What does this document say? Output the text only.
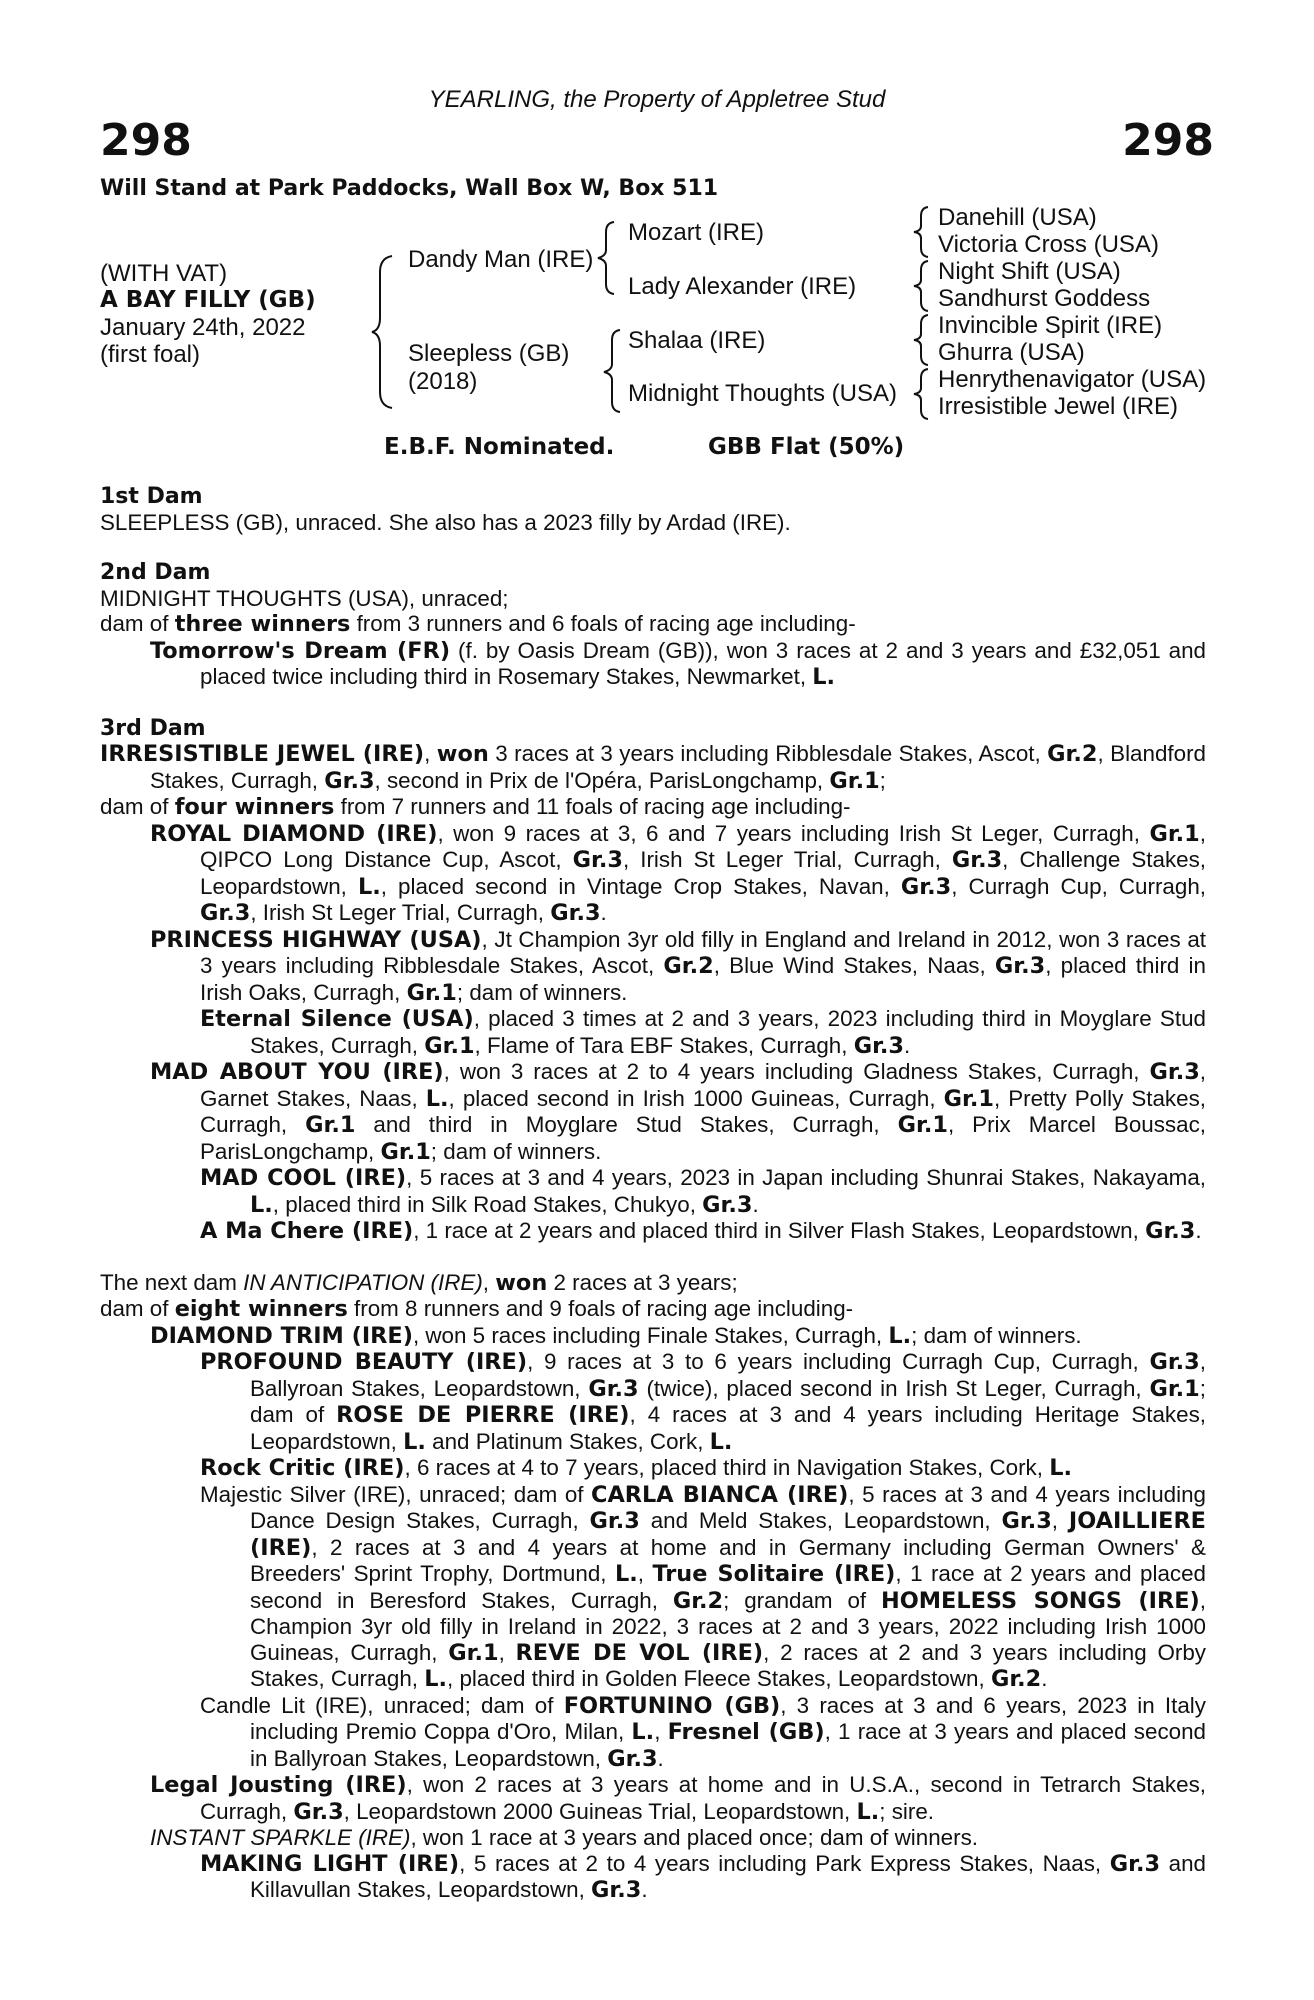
YEARLING, the Property of Appletree Stud
298	298
Will Stand at Park Paddocks, Wall Box W, Box 511
(WITH VAT)
A BAY FILLY (GB)
January 24th, 2022
(first foal)
Dandy Man (IRE)
Sleepless (GB)
(2018)
Mozart (IRE)
Lady Alexander (IRE)
Shalaa (IRE)
Midnight Thoughts (USA)
Danehill (USA)
Victoria Cross (USA)
Night Shift (USA)
Sandhurst Goddess
Invincible Spirit (IRE)
Ghurra (USA)
Henrythenavigator (USA)
Irresistible Jewel (IRE)
E.B.F. Nominated.	GBB Flat (50%)
1st Dam

SLEEPLESS (GB), unraced. She also has a 2023 filly by Ardad (IRE).

2nd Dam

MIDNIGHT THOUGHTS (USA), unraced;

dam of three winners from 3 runners and 6 foals of racing age including-

Tomorrow's Dream (FR) (f. by Oasis Dream (GB)), won 3 races at 2 and 3 years and £32,051 and placed twice including third in Rosemary Stakes, Newmarket, L.

3rd Dam

IRRESISTIBLE JEWEL (IRE), won 3 races at 3 years including Ribblesdale Stakes, Ascot, Gr.2, Blandford Stakes, Curragh, Gr.3, second in Prix de l'Opéra, ParisLongchamp, Gr.1;

dam of four winners from 7 runners and 11 foals of racing age including-

ROYAL DIAMOND (IRE), won 9 races at 3, 6 and 7 years including Irish St Leger, Curragh, Gr.1, QIPCO Long Distance Cup, Ascot, Gr.3, Irish St Leger Trial, Curragh, Gr.3, Challenge Stakes, Leopardstown, L., placed second in Vintage Crop Stakes, Navan, Gr.3, Curragh Cup, Curragh, Gr.3, Irish St Leger Trial, Curragh, Gr.3.

PRINCESS HIGHWAY (USA), Jt Champion 3yr old filly in England and Ireland in 2012, won 3 races at 3 years including Ribblesdale Stakes, Ascot, Gr.2, Blue Wind Stakes, Naas, Gr.3, placed third in Irish Oaks, Curragh, Gr.1; dam of winners.

Eternal Silence (USA), placed 3 times at 2 and 3 years, 2023 including third in Moyglare Stud Stakes, Curragh, Gr.1, Flame of Tara EBF Stakes, Curragh, Gr.3.

MAD ABOUT YOU (IRE), won 3 races at 2 to 4 years including Gladness Stakes, Curragh, Gr.3, Garnet Stakes, Naas, L., placed second in Irish 1000 Guineas, Curragh, Gr.1, Pretty Polly Stakes, Curragh, Gr.1 and third in Moyglare Stud Stakes, Curragh, Gr.1, Prix Marcel Boussac, ParisLongchamp, Gr.1; dam of winners.

MAD COOL (IRE), 5 races at 3 and 4 years, 2023 in Japan including Shunrai Stakes, Nakayama, L., placed third in Silk Road Stakes, Chukyo, Gr.3.

A Ma Chere (IRE), 1 race at 2 years and placed third in Silver Flash Stakes, Leopardstown, Gr.3.

The next dam IN ANTICIPATION (IRE), won 2 races at 3 years;

dam of eight winners from 8 runners and 9 foals of racing age including-

DIAMOND TRIM (IRE), won 5 races including Finale Stakes, Curragh, L.; dam of winners.

PROFOUND BEAUTY (IRE), 9 races at 3 to 6 years including Curragh Cup, Curragh, Gr.3, Ballyroan Stakes, Leopardstown, Gr.3 (twice), placed second in Irish St Leger, Curragh, Gr.1; dam of ROSE DE PIERRE (IRE), 4 races at 3 and 4 years including Heritage Stakes, Leopardstown, L. and Platinum Stakes, Cork, L.

Rock Critic (IRE), 6 races at 4 to 7 years, placed third in Navigation Stakes, Cork, L.

Majestic Silver (IRE), unraced; dam of CARLA BIANCA (IRE), 5 races at 3 and 4 years including Dance Design Stakes, Curragh, Gr.3 and Meld Stakes, Leopardstown, Gr.3, JOAILLIERE (IRE), 2 races at 3 and 4 years at home and in Germany including German Owners' & Breeders' Sprint Trophy, Dortmund, L., True Solitaire (IRE), 1 race at 2 years and placed second in Beresford Stakes, Curragh, Gr.2; grandam of HOMELESS SONGS (IRE), Champion 3yr old filly in Ireland in 2022, 3 races at 2 and 3 years, 2022 including Irish 1000 Guineas, Curragh, Gr.1, REVE DE VOL (IRE), 2 races at 2 and 3 years including Orby Stakes, Curragh, L., placed third in Golden Fleece Stakes, Leopardstown, Gr.2.

Candle Lit (IRE), unraced; dam of FORTUNINO (GB), 3 races at 3 and 6 years, 2023 in Italy including Premio Coppa d'Oro, Milan, L., Fresnel (GB), 1 race at 3 years and placed second in Ballyroan Stakes, Leopardstown, Gr.3.

Legal Jousting (IRE), won 2 races at 3 years at home and in U.S.A., second in Tetrarch Stakes, Curragh, Gr.3, Leopardstown 2000 Guineas Trial, Leopardstown, L.; sire.

INSTANT SPARKLE (IRE), won 1 race at 3 years and placed once; dam of winners.

MAKING LIGHT (IRE), 5 races at 2 to 4 years including Park Express Stakes, Naas, Gr.3 and Killavullan Stakes, Leopardstown, Gr.3.
